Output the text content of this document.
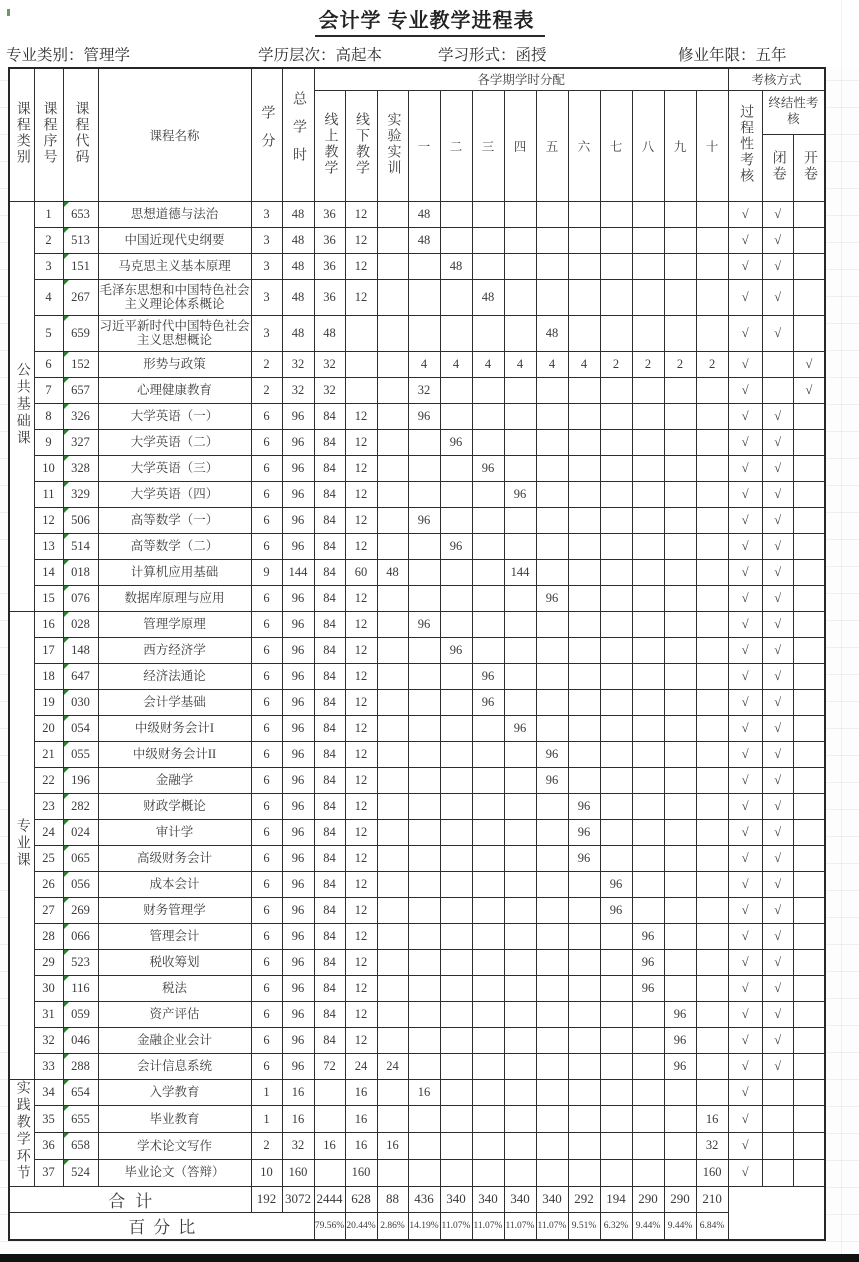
会计学 专业教学进程表
专业类别：管理学	学历层次：高起本	学习形式：函授	修业年限：五年
课程类别	课程序号	课程代码	课程名称	学分	总学时	各学期学时分配													考核方式		
						线上教学	线下教学	实验实训	一	二	三	四	五	六	七	八	九	十	过程性考核	终结性考核	
																				闭卷	开卷
公共基础课	1	653	思想道德与法治	3	48	36	12		48										√	√	
	2	513	中国近现代史纲要	3	48	36	12		48										√	√	
	3	151	马克思主义基本原理	3	48	36	12			48									√	√	
	4	267	毛泽东思想和中国特色社会主义理论体系概论	3	48	36	12				48								√	√	
	5	659	习近平新时代中国特色社会主义思想概论	3	48	48							48						√	√	
	6	152	形势与政策	2	32	32			4	4	4	4	4	4	2	2	2	2	√		√
	7	657	心理健康教育	2	32	32			32										√		√
	8	326	大学英语（一）	6	96	84	12		96										√	√	
	9	327	大学英语（二）	6	96	84	12			96									√	√	
	10	328	大学英语（三）	6	96	84	12				96								√	√	
	11	329	大学英语（四）	6	96	84	12					96							√	√	
	12	506	高等数学（一）	6	96	84	12		96										√	√	
	13	514	高等数学（二）	6	96	84	12			96									√	√	
	14	018	计算机应用基础	9	144	84	60	48				144							√	√	
	15	076	数据库原理与应用	6	96	84	12						96						√	√	
专业课	16	028	管理学原理	6	96	84	12		96										√	√	
	17	148	西方经济学	6	96	84	12			96									√	√	
	18	647	经济法通论	6	96	84	12				96								√	√	
	19	030	会计学基础	6	96	84	12				96								√	√	
	20	054	中级财务会计I	6	96	84	12					96							√	√	
	21	055	中级财务会计II	6	96	84	12						96						√	√	
	22	196	金融学	6	96	84	12						96						√	√	
	23	282	财政学概论	6	96	84	12							96					√	√	
	24	024	审计学	6	96	84	12							96					√	√	
	25	065	高级财务会计	6	96	84	12							96					√	√	
	26	056	成本会计	6	96	84	12								96				√	√	
	27	269	财务管理学	6	96	84	12								96				√	√	
	28	066	管理会计	6	96	84	12									96			√	√	
	29	523	税收筹划	6	96	84	12									96			√	√	
	30	116	税法	6	96	84	12									96			√	√	
	31	059	资产评估	6	96	84	12										96		√	√	
	32	046	金融企业会计	6	96	84	12										96		√	√	
	33	288	会计信息系统	6	96	72	24	24									96		√	√	
实践教学环节	34	654	入学教育	1	16		16		16										√		
	35	655	毕业教育	1	16		16											16	√		
	36	658	学术论文写作	2	32	16	16	16										32	√		
	37	524	毕业论文（答辩）	10	160		160											160	√		
合计				192	3072	2444	628	88	436	340	340	340	340	292	194	290	290	210			
百分比						79.56%	20.44%	2.86%	14.19%	11.07%	11.07%	11.07%	11.07%	9.51%	6.32%	9.44%	9.44%	6.84%			
